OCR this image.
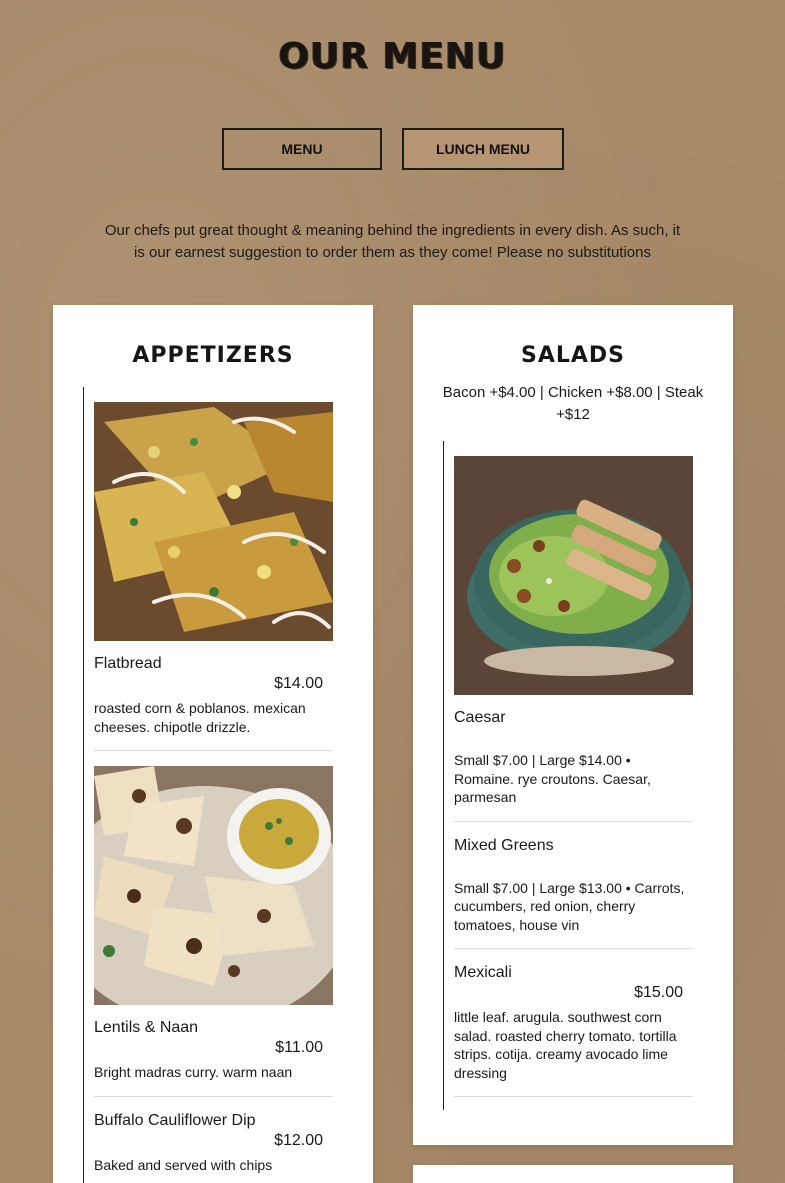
OUR MENU
MENU	LUNCH MENU

Our chefs put great thought & meaning behind the ingredients in every dish. As such, it is our earnest suggestion to order them as they come! Please no substitutions

APPETIZERS
Flatbread
$14.00
roasted corn & poblanos. mexican cheeses. chipotle drizzle.
Lentils & Naan
$11.00
Bright madras curry. warm naan
Buffalo Cauliflower Dip
$12.00
Baked and served with chips
SALADS
Bacon +$4.00 | Chicken +$8.00 | Steak +$12
Caesar
Small $7.00 | Large $14.00 • Romaine. rye croutons. Caesar, parmesan
Mixed Greens
Small $7.00 | Large $13.00 • Carrots, cucumbers, red onion, cherry tomatoes, house vin
Mexicali
$15.00
little leaf. arugula. southwest corn salad. roasted cherry tomato. tortilla strips. cotija. creamy avocado lime dressing
